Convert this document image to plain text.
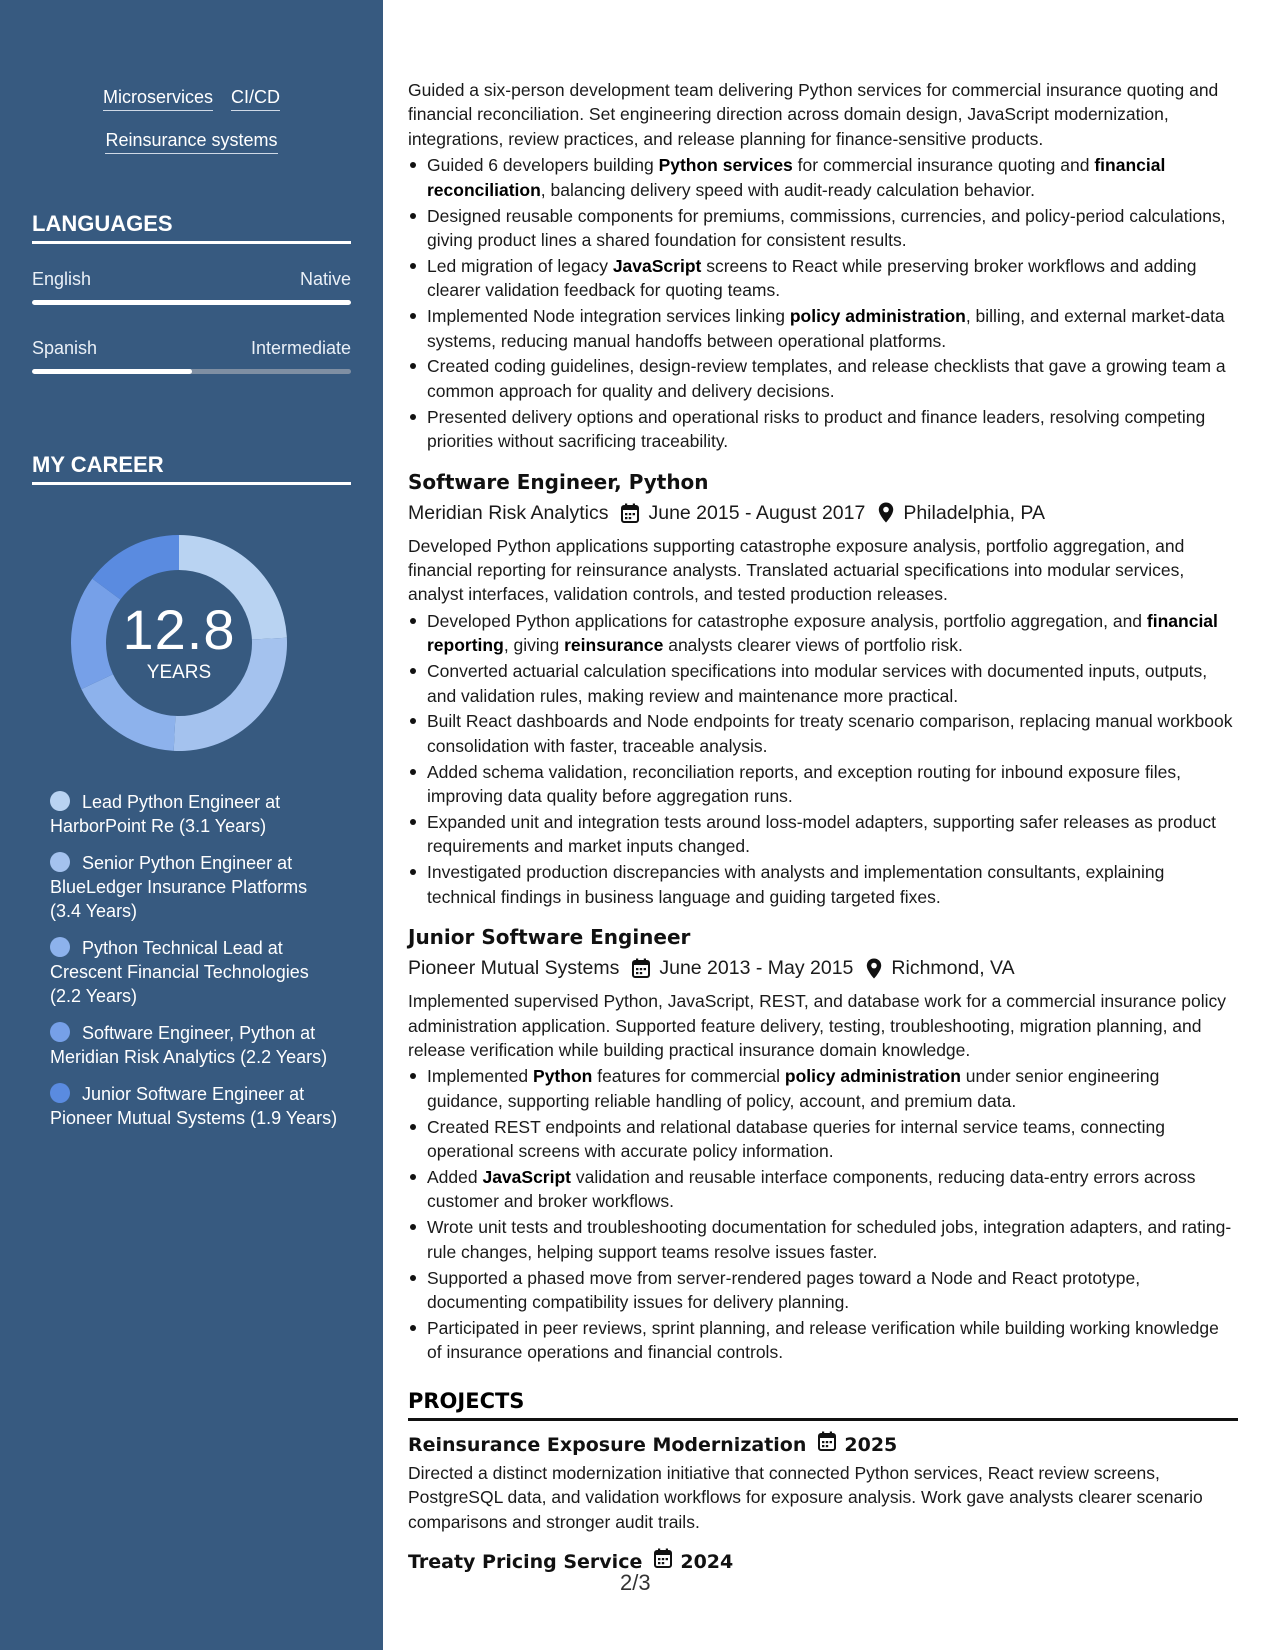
Microservices CI/CD
Reinsurance systems
LANGUAGES
English	Native
Spanish	Intermediate
MY CAREER
12.8
YEARS
Lead Python Engineer at HarborPoint Re (3.1 Years)
Senior Python Engineer at BlueLedger Insurance Platforms (3.4 Years)
Python Technical Lead at Crescent Financial Technologies (2.2 Years)
Software Engineer, Python at Meridian Risk Analytics (2.2 Years)
Junior Software Engineer at Pioneer Mutual Systems (1.9 Years)

Guided a six-person development team delivering Python services for commercial insurance quoting and financial reconciliation. Set engineering direction across domain design, JavaScript modernization, integrations, review practices, and release planning for finance-sensitive products.

Guided 6 developers building Python services for commercial insurance quoting and financial reconciliation, balancing delivery speed with audit-ready calculation behavior.
Designed reusable components for premiums, commissions, currencies, and policy-period calculations, giving product lines a shared foundation for consistent results.
Led migration of legacy JavaScript screens to React while preserving broker workflows and adding clearer validation feedback for quoting teams.
Implemented Node integration services linking policy administration, billing, and external market-data systems, reducing manual handoffs between operational platforms.
Created coding guidelines, design-review templates, and release checklists that gave a growing team a common approach for quality and delivery decisions.
Presented delivery options and operational risks to product and finance leaders, resolving competing priorities without sacrificing traceability.
Software Engineer, Python
Meridian Risk Analytics June 2015 - August 2017 Philadelphia, PA

Developed Python applications supporting catastrophe exposure analysis, portfolio aggregation, and financial reporting for reinsurance analysts. Translated actuarial specifications into modular services, analyst interfaces, validation controls, and tested production releases.

Developed Python applications for catastrophe exposure analysis, portfolio aggregation, and financial reporting, giving reinsurance analysts clearer views of portfolio risk.
Converted actuarial calculation specifications into modular services with documented inputs, outputs, and validation rules, making review and maintenance more practical.
Built React dashboards and Node endpoints for treaty scenario comparison, replacing manual workbook consolidation with faster, traceable analysis.
Added schema validation, reconciliation reports, and exception routing for inbound exposure files, improving data quality before aggregation runs.
Expanded unit and integration tests around loss-model adapters, supporting safer releases as product requirements and market inputs changed.
Investigated production discrepancies with analysts and implementation consultants, explaining technical findings in business language and guiding targeted fixes.
Junior Software Engineer
Pioneer Mutual Systems June 2013 - May 2015 Richmond, VA

Implemented supervised Python, JavaScript, REST, and database work for a commercial insurance policy administration application. Supported feature delivery, testing, troubleshooting, migration planning, and release verification while building practical insurance domain knowledge.

Implemented Python features for commercial policy administration under senior engineering guidance, supporting reliable handling of policy, account, and premium data.
Created REST endpoints and relational database queries for internal service teams, connecting operational screens with accurate policy information.
Added JavaScript validation and reusable interface components, reducing data-entry errors across customer and broker workflows.
Wrote unit tests and troubleshooting documentation for scheduled jobs, integration adapters, and rating-rule changes, helping support teams resolve issues faster.
Supported a phased move from server-rendered pages toward a Node and React prototype, documenting compatibility issues for delivery planning.
Participated in peer reviews, sprint planning, and release verification while building working knowledge of insurance operations and financial controls.
PROJECTS
Reinsurance Exposure Modernization 2025

Directed a distinct modernization initiative that connected Python services, React review screens, PostgreSQL data, and validation workflows for exposure analysis. Work gave analysts clearer scenario comparisons and stronger audit trails.

Treaty Pricing Service 2024
2/3
